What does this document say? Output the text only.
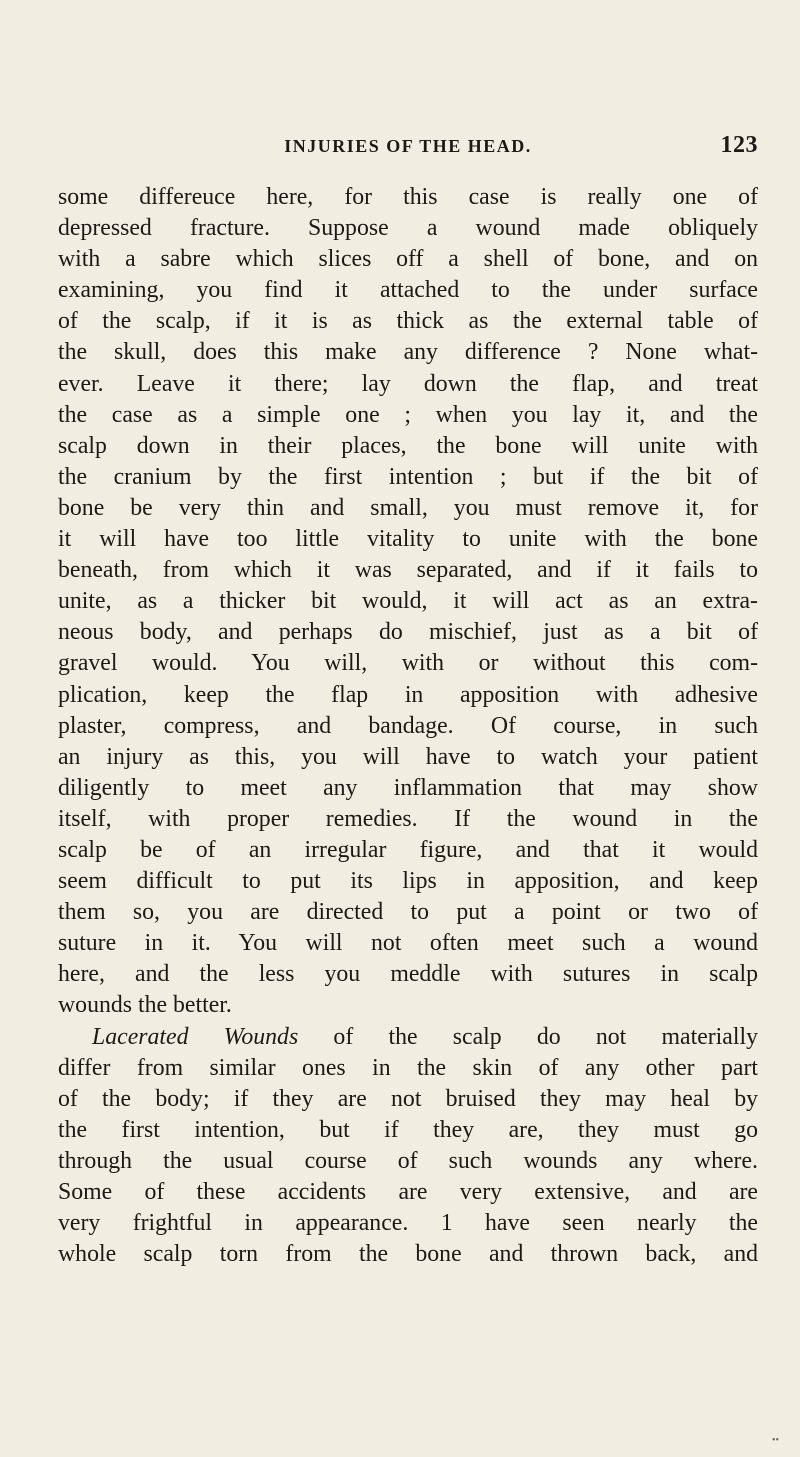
INJURIES OF THE HEAD.	123
some differeuce here, for this case is really one of
depressed fracture. Suppose a wound made obliquely
with a sabre which slices off a shell of bone, and on
examining, you find it attached to the under surface
of the scalp, if it is as thick as the external table of
the skull, does this make any difference ? None what-
ever. Leave it there; lay down the flap, and treat
the case as a simple one ; when you lay it, and the
scalp down in their places, the bone will unite with
the cranium by the first intention ; but if the bit of
bone be very thin and small, you must remove it, for
it will have too little vitality to unite with the bone
beneath, from which it was separated, and if it fails to
unite, as a thicker bit would, it will act as an extra-
neous body, and perhaps do mischief, just as a bit of
gravel would. You will, with or without this com-
plication, keep the flap in apposition with adhesive
plaster, compress, and bandage. Of course, in such
an injury as this, you will have to watch your patient
diligently to meet any inflammation that may show
itself, with proper remedies. If the wound in the
scalp be of an irregular figure, and that it would
seem difficult to put its lips in apposition, and keep
them so, you are directed to put a point or two of
suture in it. You will not often meet such a wound
here, and the less you meddle with sutures in scalp
wounds the better.
Lacerated Wounds of the scalp do not materially
differ from similar ones in the skin of any other part
of the body; if they are not bruised they may heal by
the first intention, but if they are, they must go
through the usual course of such wounds any where.
Some of these accidents are very extensive, and are
very frightful in appearance. 1 have seen nearly the
whole scalp torn from the bone and thrown back, and
••
